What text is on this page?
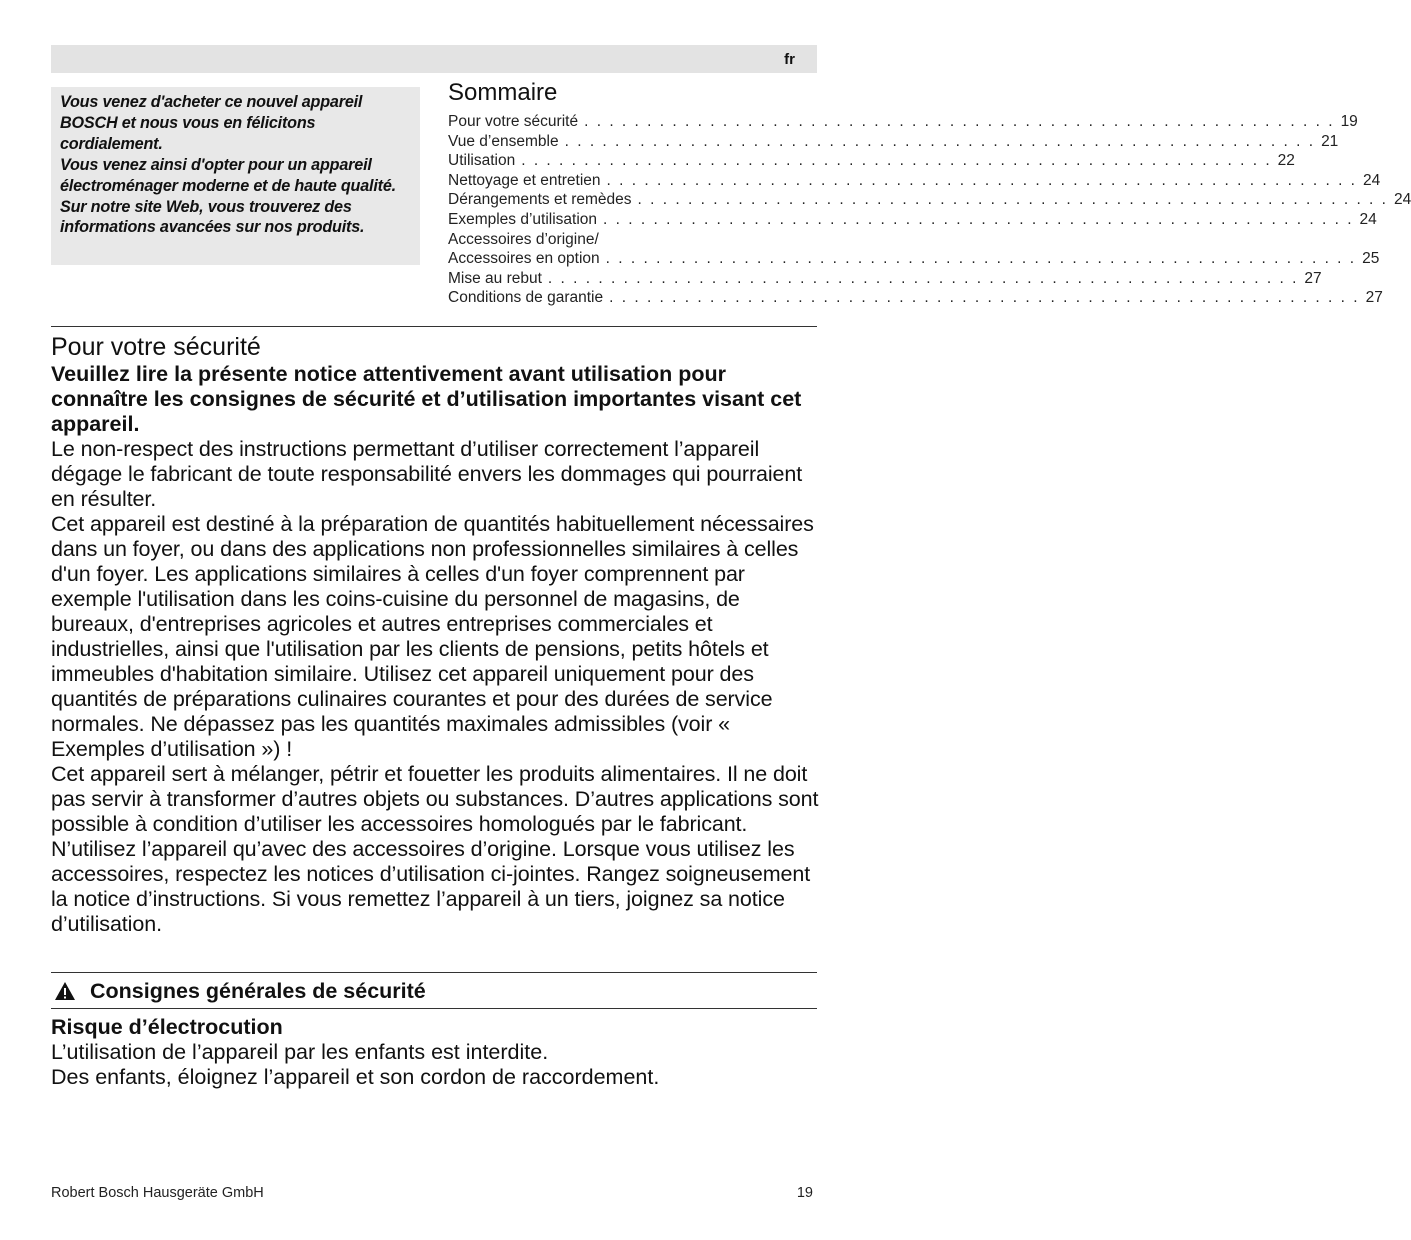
fr

Vous venez d'acheter ce nouvel appareil BOSCH et nous vous en félicitons cordialement.
Vous venez ainsi d'opter pour un appareil électroménager moderne et de haute qualité.
Sur notre site Web, vous trouverez des informations avancées sur nos produits.

Sommaire
Pour votre sécurité . . . . . . . . . . . . . . . . . . . . . . . . . . . . . . . . . . . . . . . . . . . . . . . . . . . . . . . . . . . . 19
Vue d’ensemble . . . . . . . . . . . . . . . . . . . . . . . . . . . . . . . . . . . . . . . . . . . . . . . . . . . . . . . . . . . . 21
Utilisation . . . . . . . . . . . . . . . . . . . . . . . . . . . . . . . . . . . . . . . . . . . . . . . . . . . . . . . . . . . . 22
Nettoyage et entretien . . . . . . . . . . . . . . . . . . . . . . . . . . . . . . . . . . . . . . . . . . . . . . . . . . . . . . . . . . . . 24
Dérangements et remèdes . . . . . . . . . . . . . . . . . . . . . . . . . . . . . . . . . . . . . . . . . . . . . . . . . . . . . . . . . . . . 24
Exemples d’utilisation . . . . . . . . . . . . . . . . . . . . . . . . . . . . . . . . . . . . . . . . . . . . . . . . . . . . . . . . . . . . 24
Accessoires d’origine/
Accessoires en option . . . . . . . . . . . . . . . . . . . . . . . . . . . . . . . . . . . . . . . . . . . . . . . . . . . . . . . . . . . . 25
Mise au rebut . . . . . . . . . . . . . . . . . . . . . . . . . . . . . . . . . . . . . . . . . . . . . . . . . . . . . . . . . . . . 27
Conditions de garantie . . . . . . . . . . . . . . . . . . . . . . . . . . . . . . . . . . . . . . . . . . . . . . . . . . . . . . . . . . . . 27
Pour votre sécurité

Veuillez lire la présente notice attentivement avant utilisation pour connaître les consignes de sécurité et d’utilisation importantes visant cet appareil.

Le non-respect des instructions permettant d’utiliser correctement l’appareil dégage le fabricant de toute responsabilité envers les dommages qui pourraient en résulter.
Cet appareil est destiné à la préparation de quantités habituellement nécessaires dans un foyer, ou dans des applications non professionnelles similaires à celles d'un foyer. Les applications similaires à celles d'un foyer comprennent par exemple l'utilisation dans les coins-cuisine du personnel de magasins, de bureaux, d'entreprises agricoles et autres entreprises commerciales et industrielles, ainsi que l'utilisation par les clients de pensions, petits hôtels et immeubles d'habitation similaire. Utilisez cet appareil uniquement pour des quantités de préparations culinaires courantes et pour des durées de service normales. Ne dépassez pas les quantités maximales admissibles (voir « Exemples d’utilisation ») !
Cet appareil sert à mélanger, pétrir et fouetter les produits alimentaires. Il ne doit pas servir à transformer d’autres objets ou substances. D’autres applications sont possible à condition d’utiliser les accessoires homologués par le fabricant.
N’utilisez l’appareil qu’avec des accessoires d’origine. Lorsque vous utilisez les accessoires, respectez les notices d’utilisation ci-jointes. Rangez soigneusement la notice d’instructions. Si vous remettez l’appareil à un tiers, joignez sa notice d’utilisation.

Consignes générales de sécurité
Risque d’électrocution

L’utilisation de l’appareil par les enfants est interdite.
Des enfants, éloignez l’appareil et son cordon de raccordement.

Robert Bosch Hausgeräte GmbH	19
